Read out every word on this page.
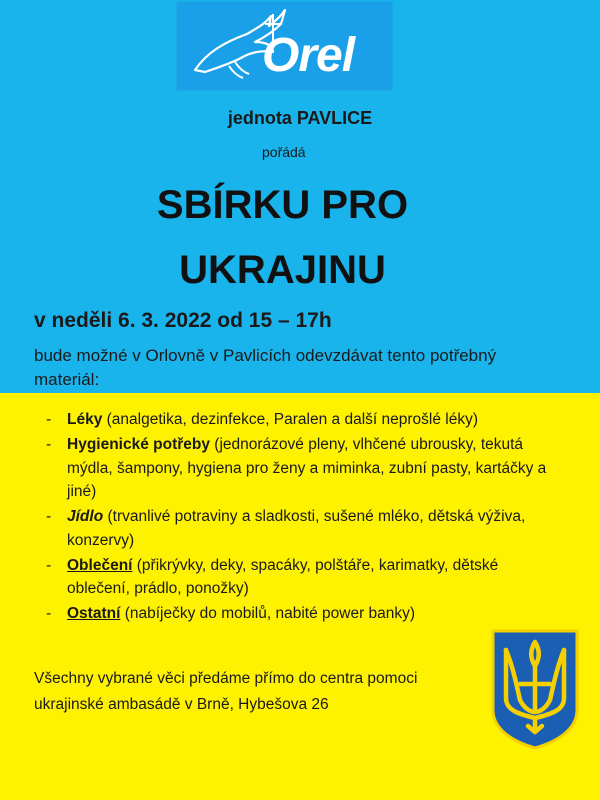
Orel
jednota PAVLICE
pořádá
SBÍRKU PRO
UKRAJINU
v neděli 6. 3. 2022 od 15 – 17h
bude možné v Orlovně v Pavlicích odevzdávat tento potřebný materiál:
- Léky (analgetika, dezinfekce, Paralen a další neprošlé léky)
- Hygienické potřeby (jednorázové pleny, vlhčené ubrousky, tekutá mýdla, šampony, hygiena pro ženy a miminka, zubní pasty, kartáčky a jiné)
- Jídlo (trvanlivé potraviny a sladkosti, sušené mléko, dětská výživa, konzervy)
- Oblečení (přikrývky, deky, spacáky, polštáře, karimatky, dětské oblečení, prádlo, ponožky)
- Ostatní (nabíječky do mobilů, nabité power banky)
Všechny vybrané věci předáme přímo do centra pomoci ukrajinské ambasádě v Brně, Hybešova 26
